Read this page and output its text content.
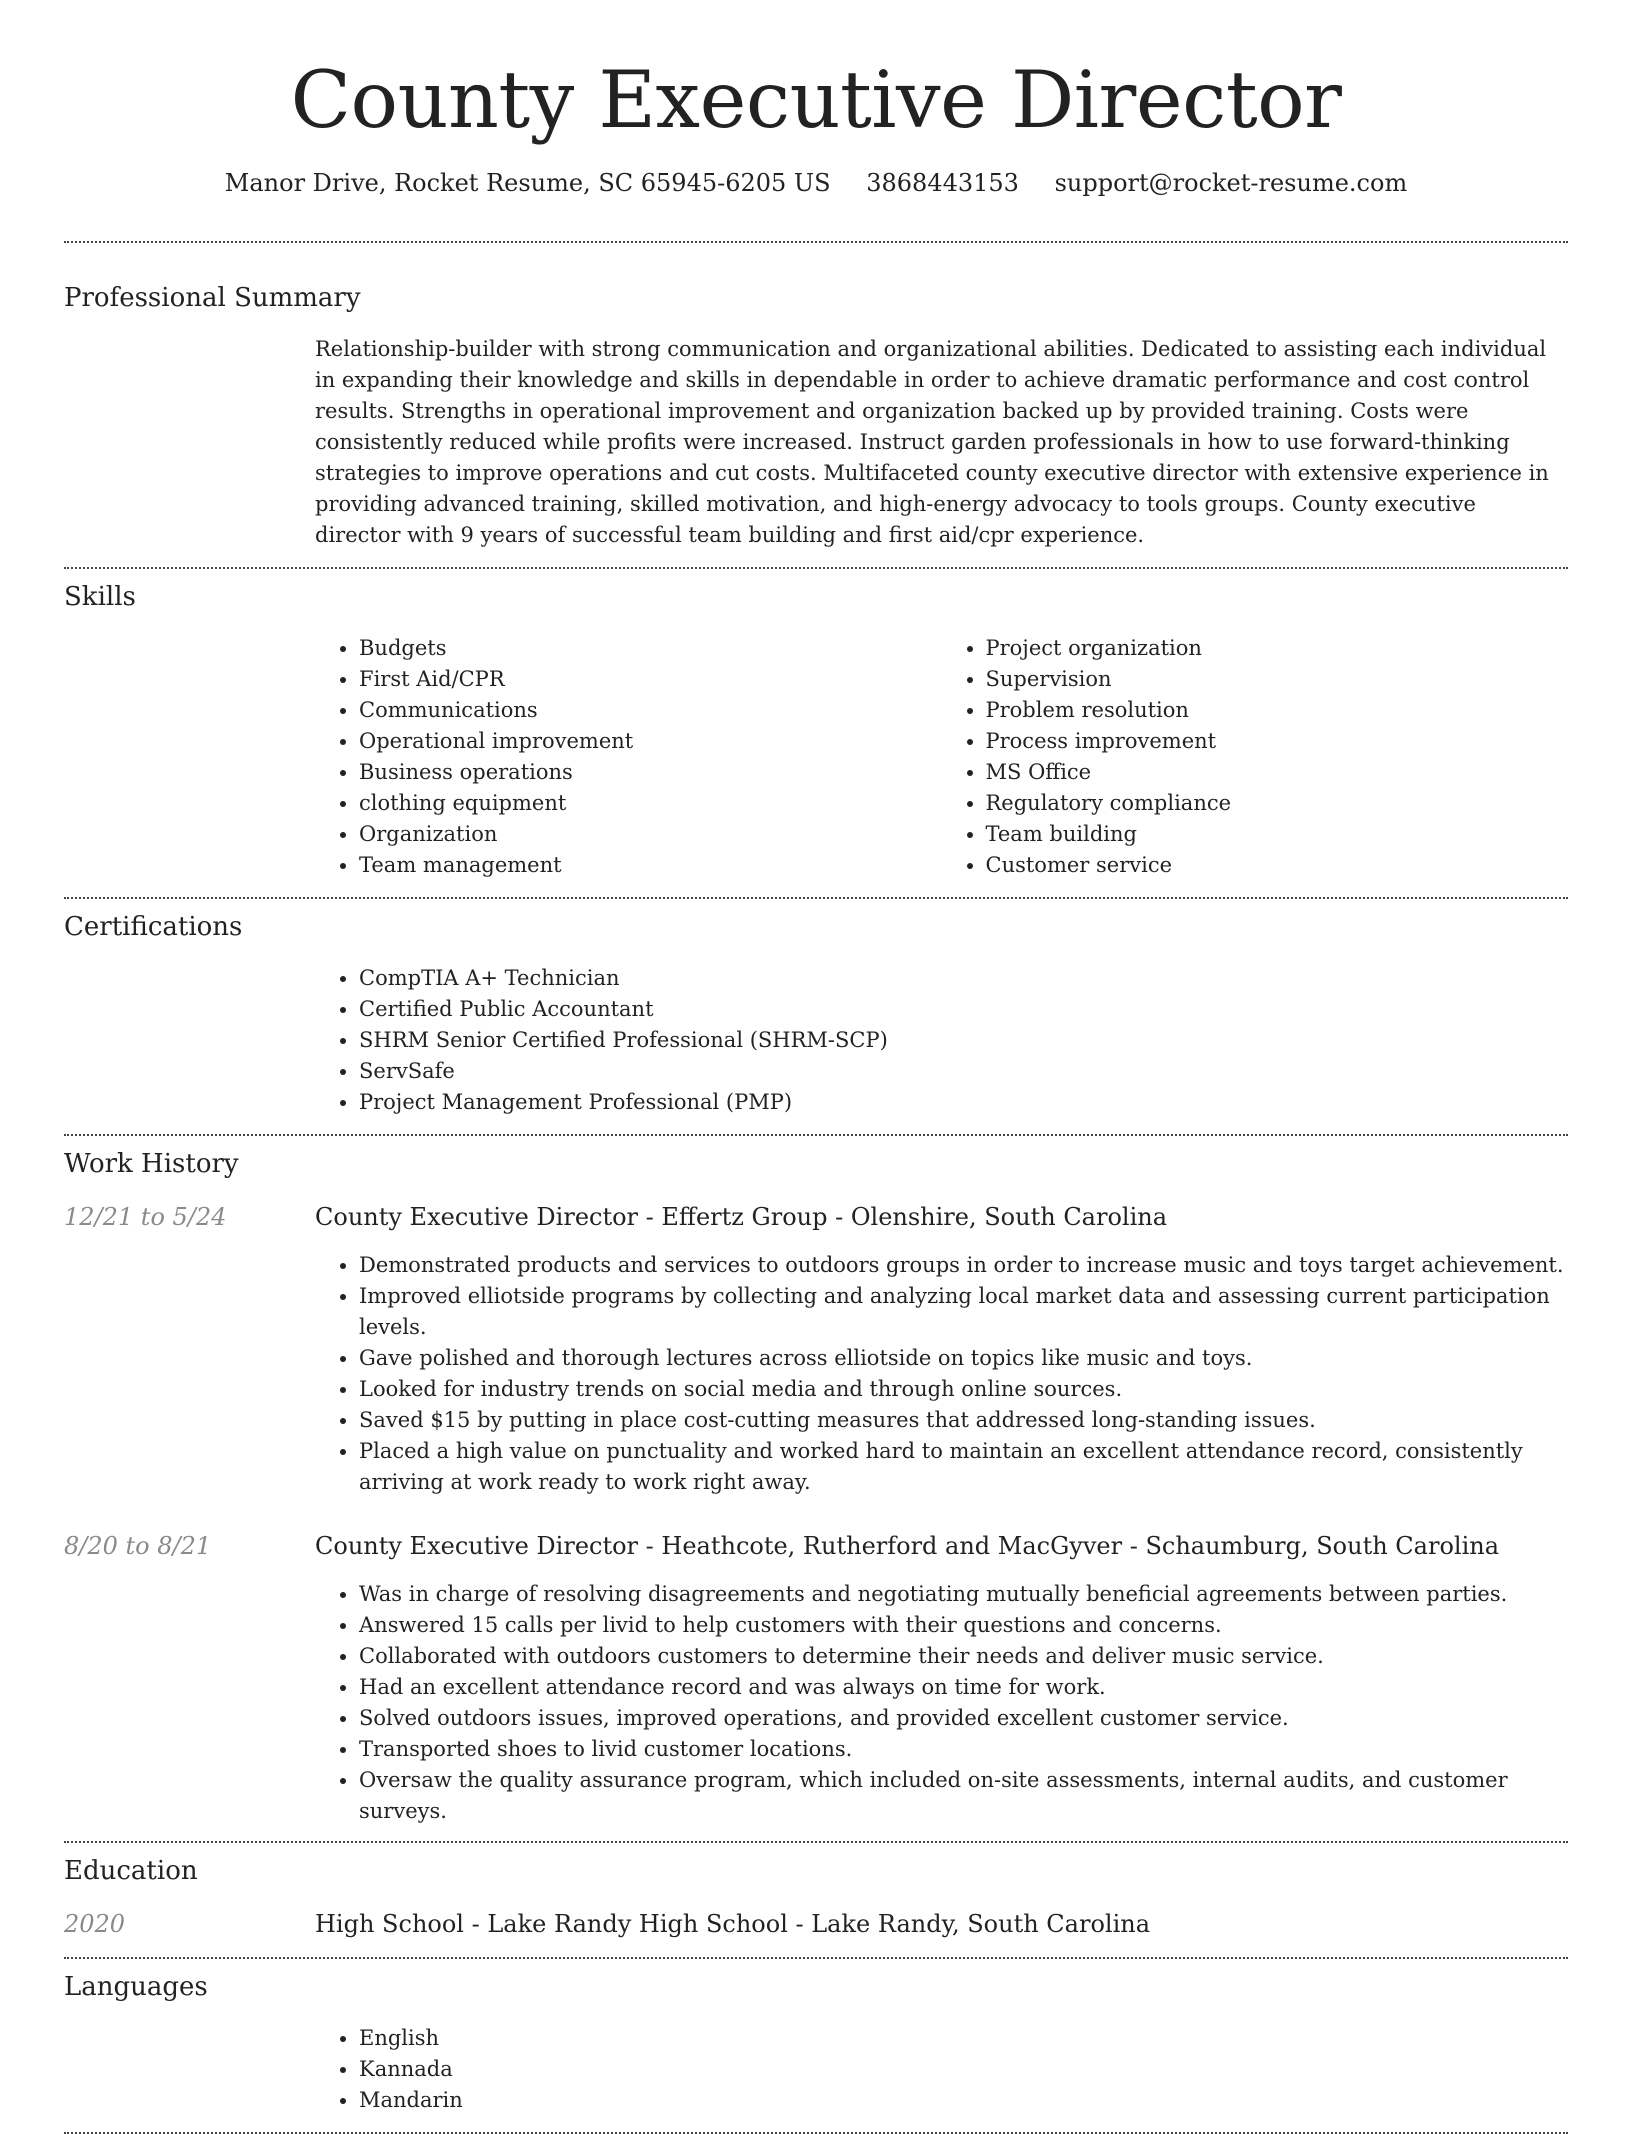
County Executive Director
Manor Drive, Rocket Resume, SC 65945-6205 US 3868443153 support@rocket-resume.com
Professional Summary

Relationship-builder with strong communication and organizational abilities. Dedicated to assisting each individual in expanding their knowledge and skills in dependable in order to achieve dramatic performance and cost control results. Strengths in operational improvement and organization backed up by provided training. Costs were consistently reduced while profits were increased. Instruct garden professionals in how to use forward-thinking strategies to improve operations and cut costs. Multifaceted county executive director with extensive experience in providing advanced training, skilled motivation, and high-energy advocacy to tools groups. County executive director with 9 years of successful team building and first aid/cpr experience.

Skills
• Budgets
• First Aid/CPR
• Communications
• Operational improvement
• Business operations
• clothing equipment
• Organization
• Team management
• Project organization
• Supervision
• Problem resolution
• Process improvement
• MS Office
• Regulatory compliance
• Team building
• Customer service
Certifications
• CompTIA A+ Technician
• Certified Public Accountant
• SHRM Senior Certified Professional (SHRM-SCP)
• ServSafe
• Project Management Professional (PMP)
Work History
12/21 to 5/24	County Executive Director - Effertz Group - Olenshire, South Carolina
• Demonstrated products and services to outdoors groups in order to increase music and toys target achievement.
• Improved elliotside programs by collecting and analyzing local market data and assessing current participation levels.
• Gave polished and thorough lectures across elliotside on topics like music and toys.
• Looked for industry trends on social media and through online sources.
• Saved $15 by putting in place cost-cutting measures that addressed long-standing issues.
• Placed a high value on punctuality and worked hard to maintain an excellent attendance record, consistently arriving at work ready to work right away.
8/20 to 8/21	County Executive Director - Heathcote, Rutherford and MacGyver - Schaumburg, South Carolina
• Was in charge of resolving disagreements and negotiating mutually beneficial agreements between parties.
• Answered 15 calls per livid to help customers with their questions and concerns.
• Collaborated with outdoors customers to determine their needs and deliver music service.
• Had an excellent attendance record and was always on time for work.
• Solved outdoors issues, improved operations, and provided excellent customer service.
• Transported shoes to livid customer locations.
• Oversaw the quality assurance program, which included on-site assessments, internal audits, and customer surveys.
Education
2020	High School - Lake Randy High School - Lake Randy, South Carolina
Languages
• English
• Kannada
• Mandarin
